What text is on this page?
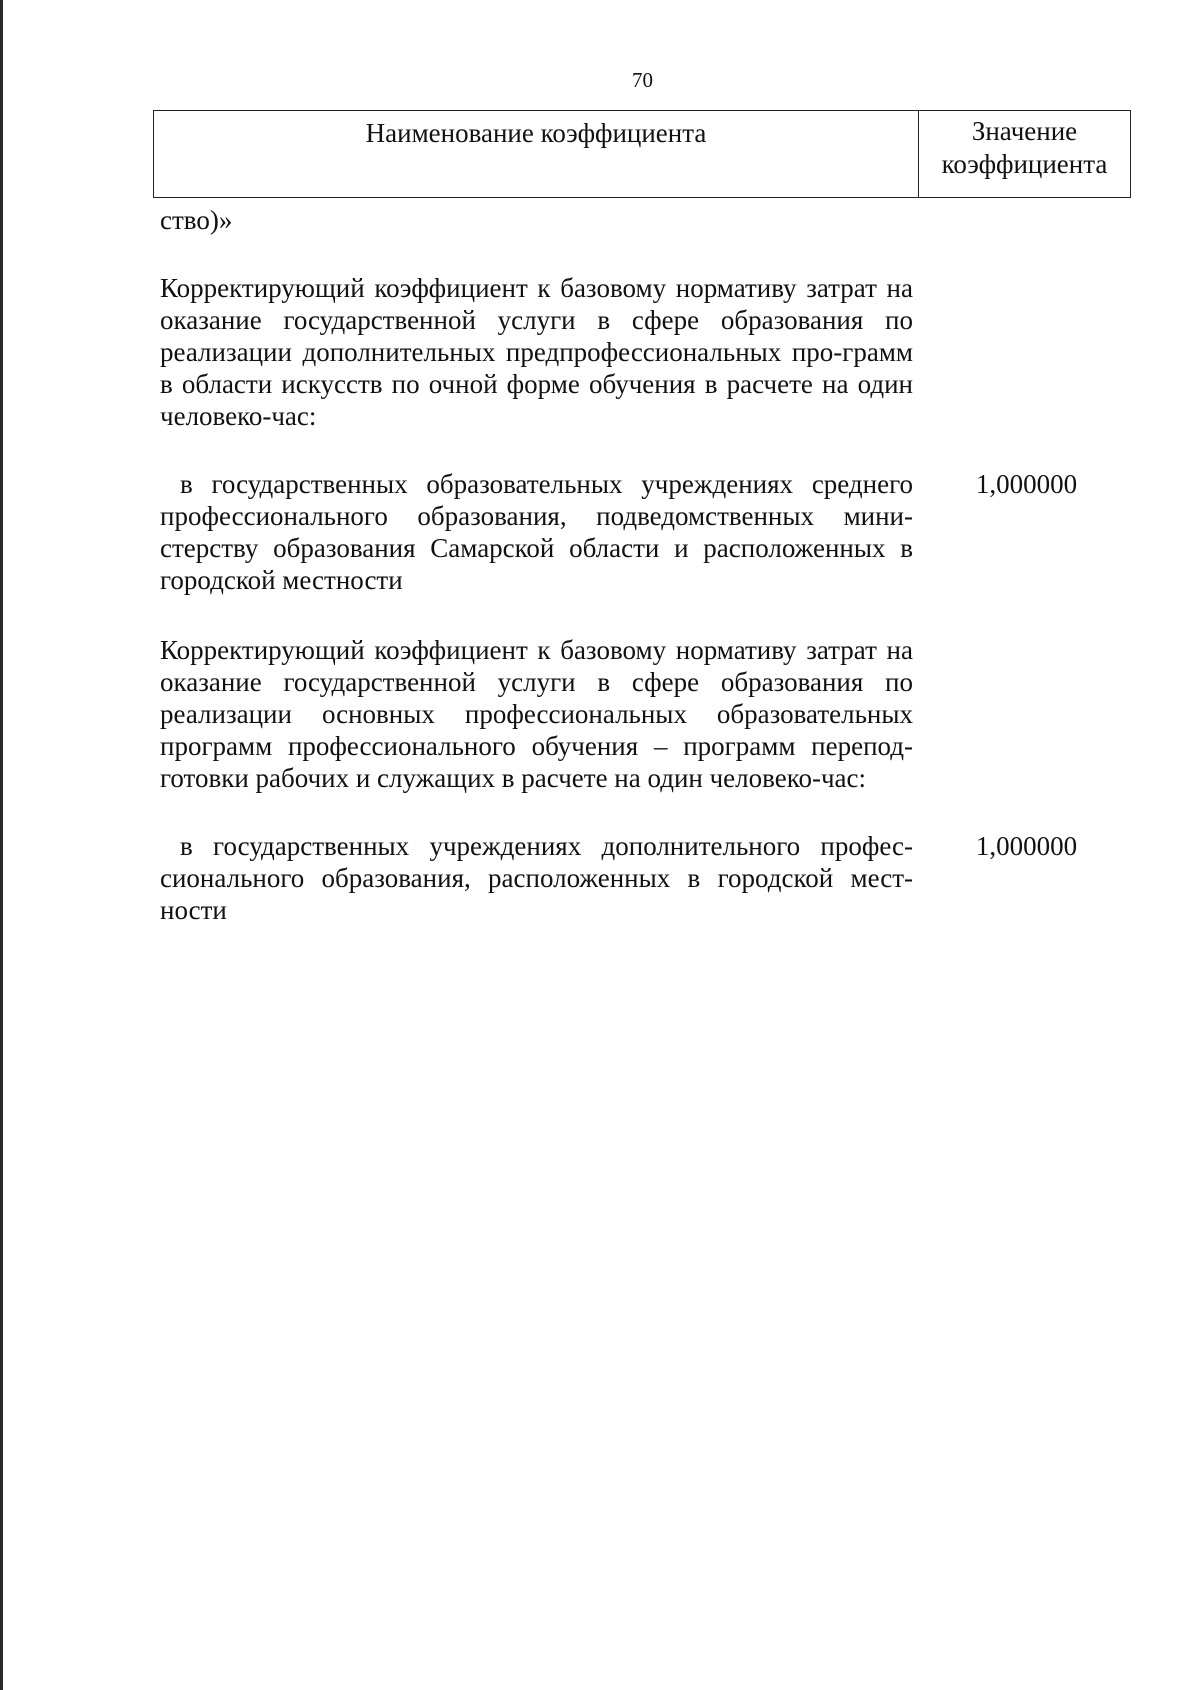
70
Наименование коэффициента	Значение коэффициента

ство)»

Корректирующий коэффициент к базовому нормативу затрат на оказание государственной услуги в сфере образования по реализации дополнительных предпрофессиональных про-грамм в области искусств по очной форме обучения в расчете на один человеко-час:

в государственных образовательных учреждениях среднего профессионального образования, подведомственных мини-стерству образования Самарской области и расположенных в городской местности

1,000000

Корректирующий коэффициент к базовому нормативу затрат на оказание государственной услуги в сфере образования по реализации основных профессиональных образовательных программ профессионального обучения – программ перепод-готовки рабочих и служащих в расчете на один человеко-час:

в государственных учреждениях дополнительного профес-сионального образования, расположенных в городской мест-ности

1,000000
